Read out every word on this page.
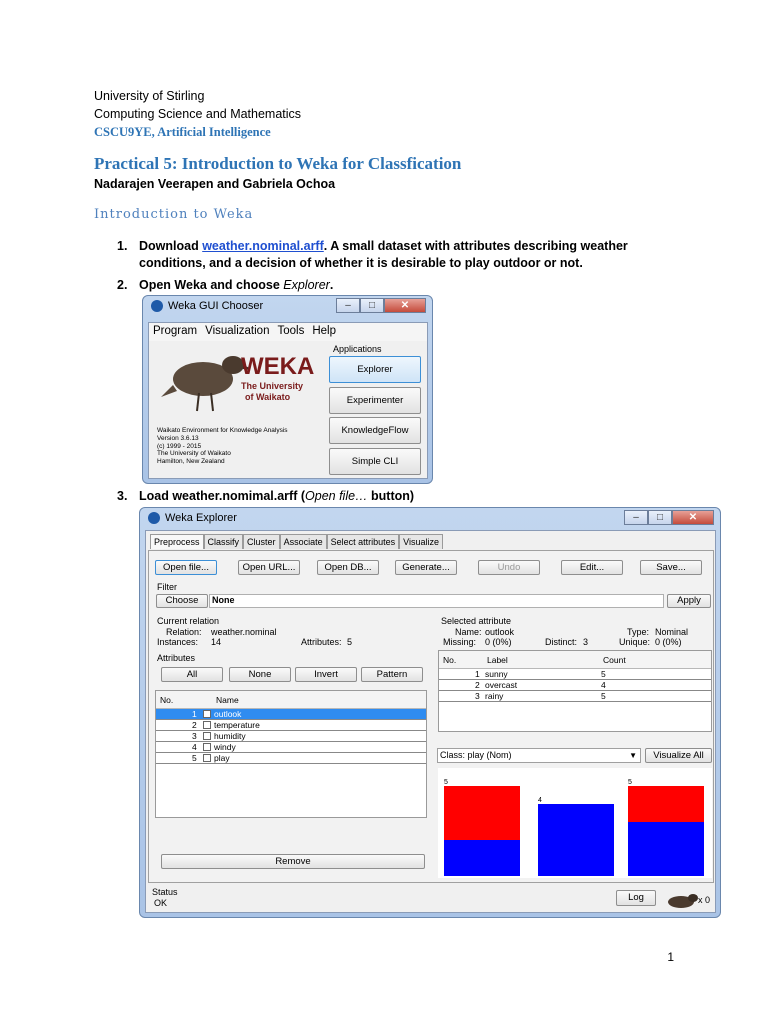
University of Stirling
Computing Science and Mathematics
CSCU9YE, Artificial Intelligence
Practical 5: Introduction to Weka for Classfication
Nadarajen Veerapen and Gabriela Ochoa
Introduction to Weka
1. Download weather.nominal.arff. A small dataset with attributes describing weather
conditions, and a decision of whether it is desirable to play outdoor or not.
2. Open Weka and choose Explorer.
3. Load weather.nomimal.arff (Open file… button)
Weka GUI Chooser	–	□	✕
Program Visualization Tools Help
WEKA
The University
of Waikato
Waikato Environment for Knowledge Analysis
Version 3.6.13
(c) 1999 - 2015
The University of Waikato
Hamilton, New Zealand
Applications
Explorer
Experimenter
KnowledgeFlow
Simple CLI
Weka Explorer	–	□	✕
Preprocess Classify Cluster Associate Select attributes Visualize
Open file...	Open URL...	Open DB...	Generate...	Undo	Edit...	Save...
Filter
Choose	None	Apply
Current relation
Relation: weather.nominal
Instances: 14	Attributes: 5
Attributes
All	None	Invert	Pattern
No.	Name
1 outlook
2 temperature
3 humidity
4 windy
5 play
Remove
Selected attribute
Name: outlook	Type: Nominal
Missing: 0 (0%)	Distinct: 3	Unique: 0 (0%)
No.	Label	Count
1 sunny	5
2 overcast	4
3 rainy	5
Class: play (Nom)	▼	Visualize All
5
4
5
Status
OK	Log	x 0
1
